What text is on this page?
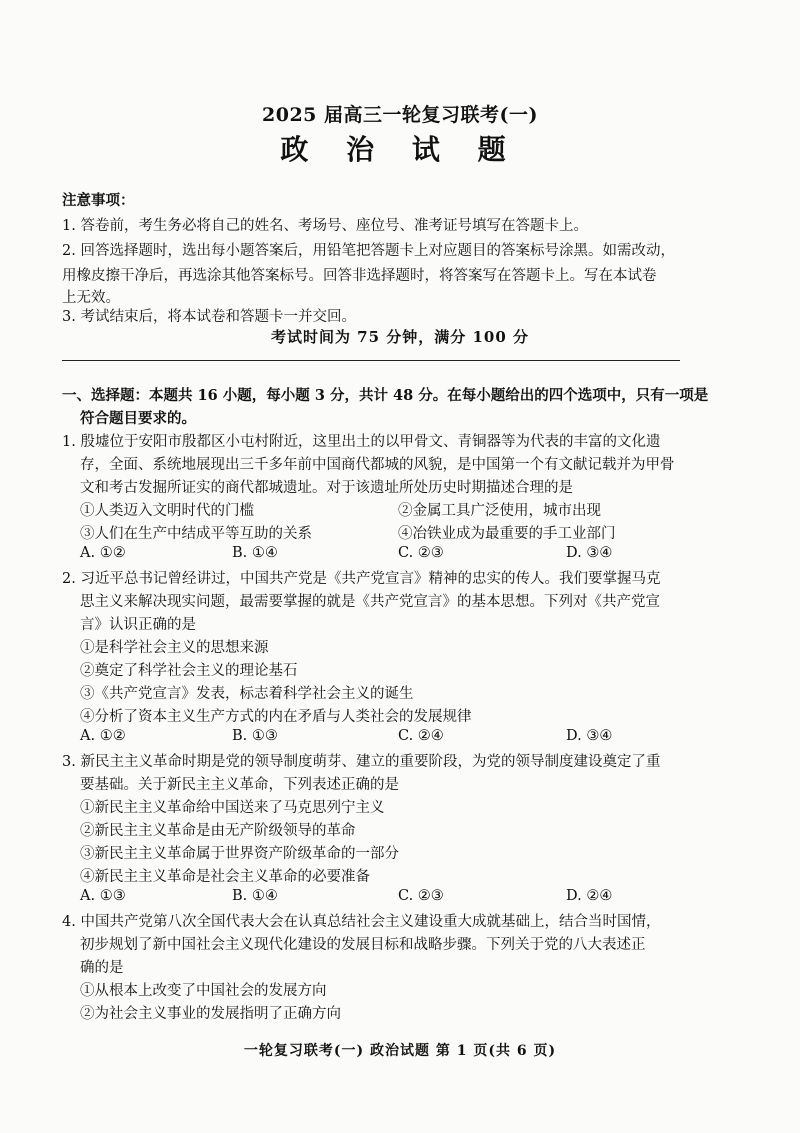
2025 届高三一轮复习联考(一)
政 治 试 题
注意事项：
1. 答卷前，考生务必将自己的姓名、考场号、座位号、准考证号填写在答题卡上。
2. 回答选择题时，选出每小题答案后，用铅笔把答题卡上对应题目的答案标号涂黑。如需改动，
用橡皮擦干净后，再选涂其他答案标号。回答非选择题时，将答案写在答题卡上。写在本试卷
上无效。
3. 考试结束后，将本试卷和答题卡一并交回。
考试时间为 75 分钟，满分 100 分
一、选择题：本题共 16 小题，每小题 3 分，共计 48 分。在每小题给出的四个选项中，只有一项是
符合题目要求的。
1. 殷墟位于安阳市殷都区小屯村附近，这里出土的以甲骨文、青铜器等为代表的丰富的文化遗
存，全面、系统地展现出三千多年前中国商代都城的风貌，是中国第一个有文献记载并为甲骨
文和考古发掘所证实的商代都城遗址。对于该遗址所处历史时期描述合理的是
①人类迈入文明时代的门槛	②金属工具广泛使用，城市出现
③人们在生产中结成平等互助的关系	④冶铁业成为最重要的手工业部门
A. ①②	B. ①④	C. ②③	D. ③④
2. 习近平总书记曾经讲过，中国共产党是《共产党宣言》精神的忠实的传人。我们要掌握马克
思主义来解决现实问题，最需要掌握的就是《共产党宣言》的基本思想。下列对《共产党宣
言》认识正确的是
①是科学社会主义的思想来源
②奠定了科学社会主义的理论基石
③《共产党宣言》发表，标志着科学社会主义的诞生
④分析了资本主义生产方式的内在矛盾与人类社会的发展规律
A. ①②	B. ①③	C. ②④	D. ③④
3. 新民主主义革命时期是党的领导制度萌芽、建立的重要阶段，为党的领导制度建设奠定了重
要基础。关于新民主主义革命，下列表述正确的是
①新民主主义革命给中国送来了马克思列宁主义
②新民主主义革命是由无产阶级领导的革命
③新民主主义革命属于世界资产阶级革命的一部分
④新民主主义革命是社会主义革命的必要准备
A. ①③	B. ①④	C. ②③	D. ②④
4. 中国共产党第八次全国代表大会在认真总结社会主义建设重大成就基础上，结合当时国情，
初步规划了新中国社会主义现代化建设的发展目标和战略步骤。下列关于党的八大表述正
确的是
①从根本上改变了中国社会的发展方向
②为社会主义事业的发展指明了正确方向
一轮复习联考(一) 政治试题 第 1 页(共 6 页)
